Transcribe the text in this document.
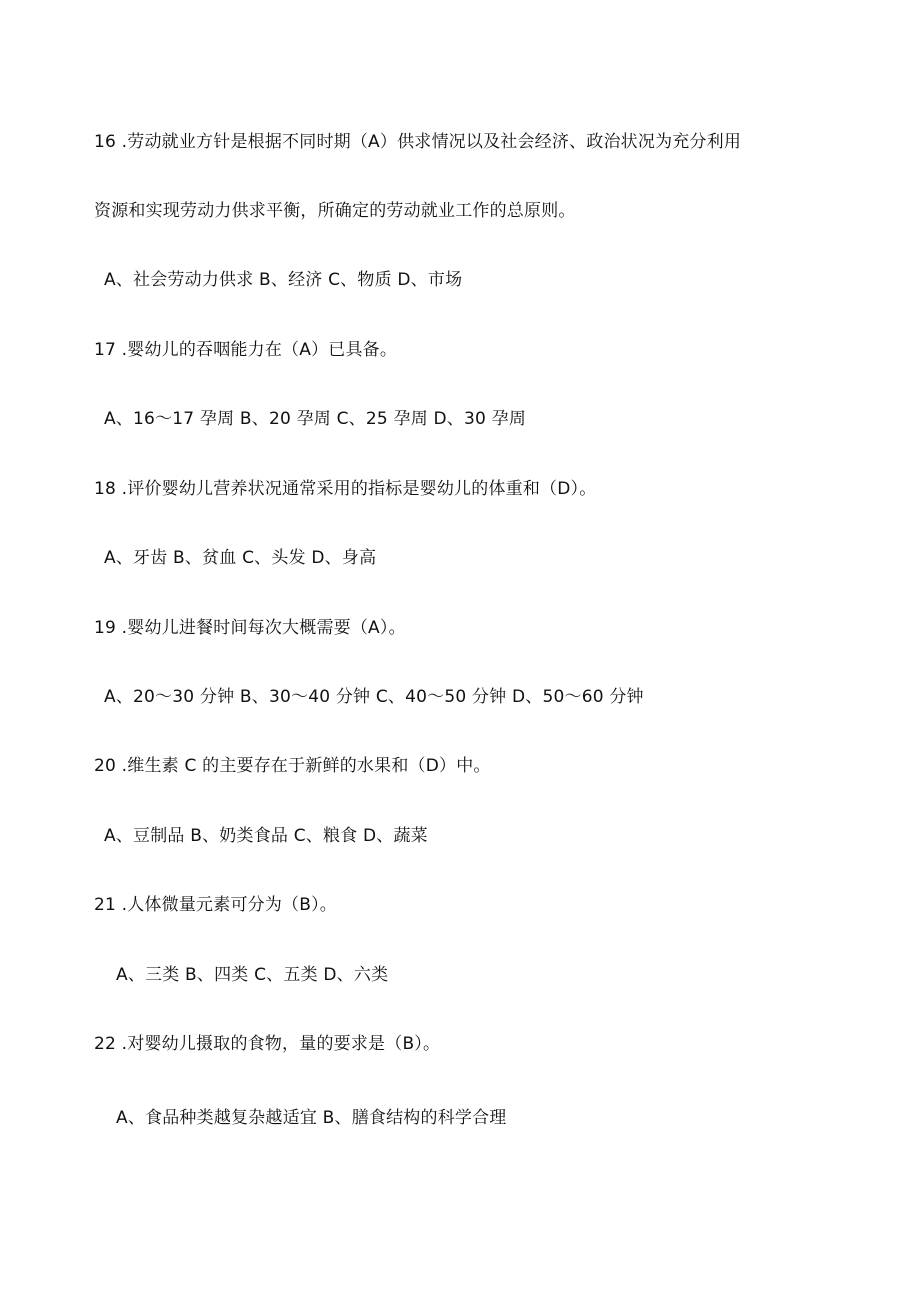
16 .劳动就业方针是根据不同时期（A）供求情况以及社会经济、政治状况为充分利用
资源和实现劳动力供求平衡，所确定的劳动就业工作的总原则。
A、社会劳动力供求 B、经济 C、物质 D、市场
17 .婴幼儿的吞咽能力在（A）已具备。
A、16～17 孕周 B、20 孕周 C、25 孕周 D、30 孕周
18 .评价婴幼儿营养状况通常采用的指标是婴幼儿的体重和（D）。
A、牙齿 B、贫血 C、头发 D、身高
19 .婴幼儿进餐时间每次大概需要（A）。
A、20～30 分钟 B、30～40 分钟 C、40～50 分钟 D、50～60 分钟
20 .维生素 C 的主要存在于新鲜的水果和（D）中。
A、豆制品 B、奶类食品 C、粮食 D、蔬菜
21 .人体微量元素可分为（B）。
A、三类 B、四类 C、五类 D、六类
22 .对婴幼儿摄取的食物，量的要求是（B）。
A、食品种类越复杂越适宜 B、膳食结构的科学合理
